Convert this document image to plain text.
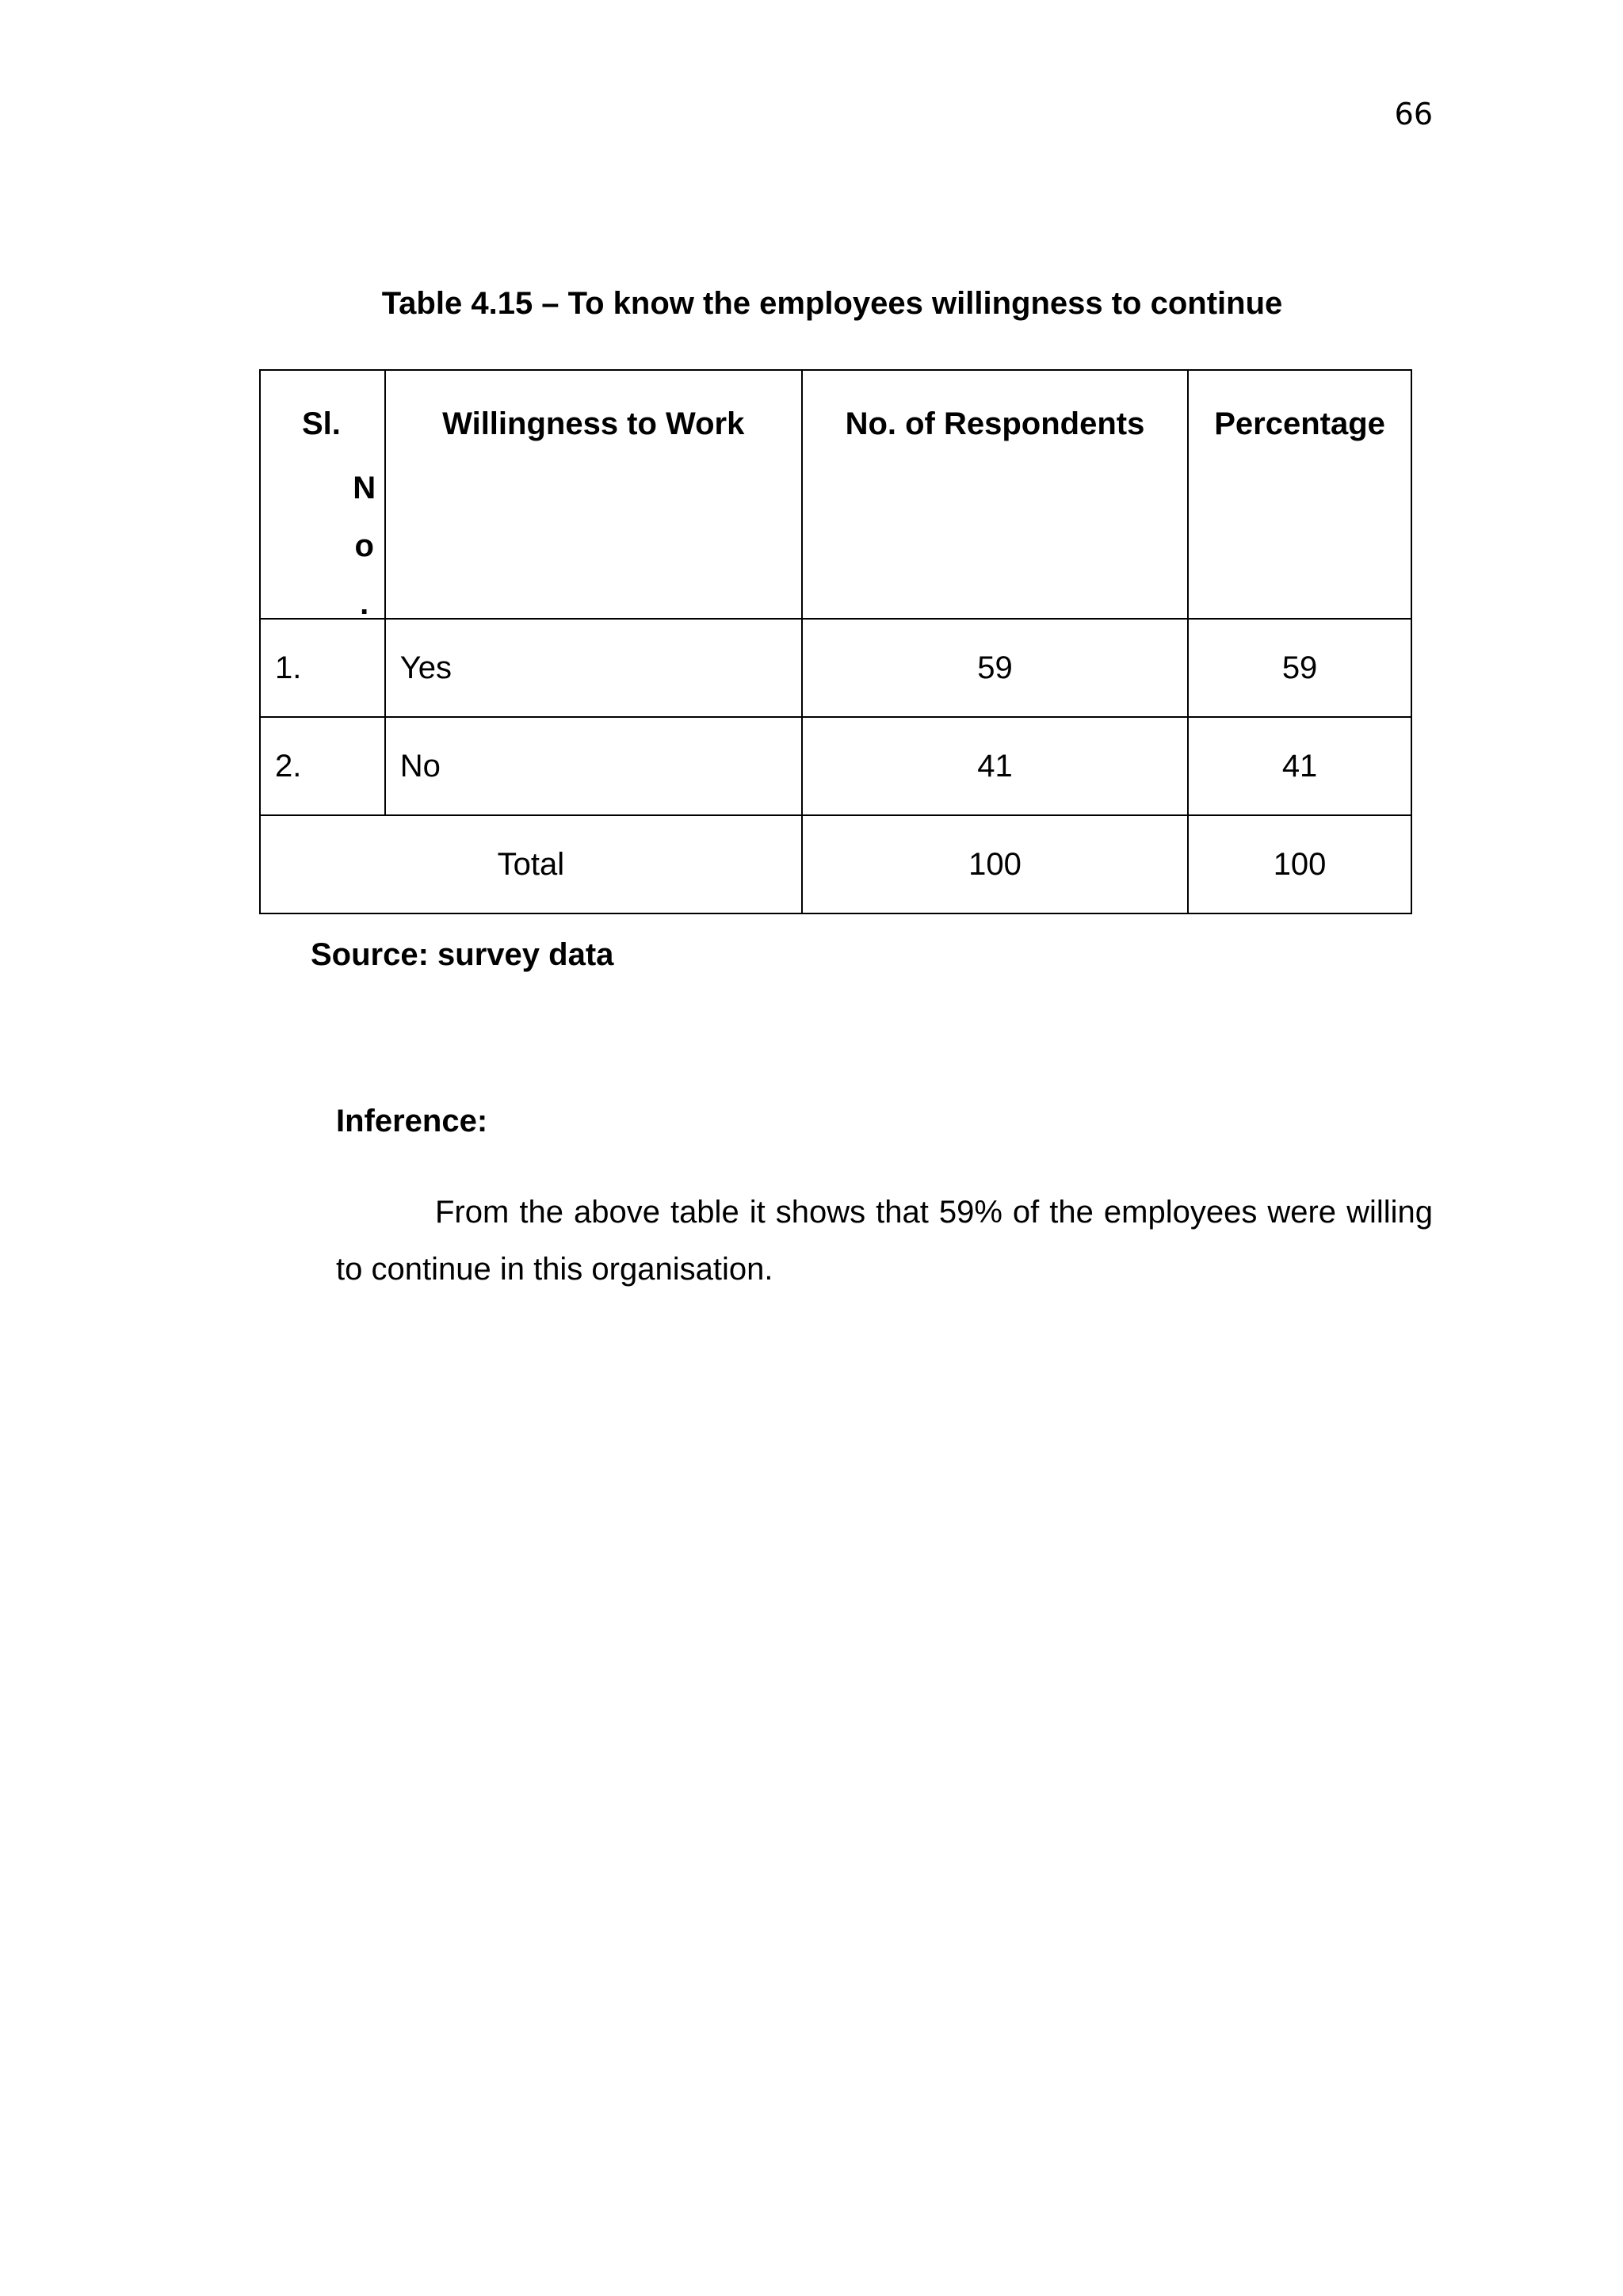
66
Table 4.15 – To know the employees willingness to continue
Sl.
N
o
.	Willingness to Work	No. of Respondents	Percentage

1.	Yes	59	59
2.	No	41	41
Total		100	100
Source: survey data
Inference:

From the above table it shows that 59% of the employees were willing to continue in this organisation.
